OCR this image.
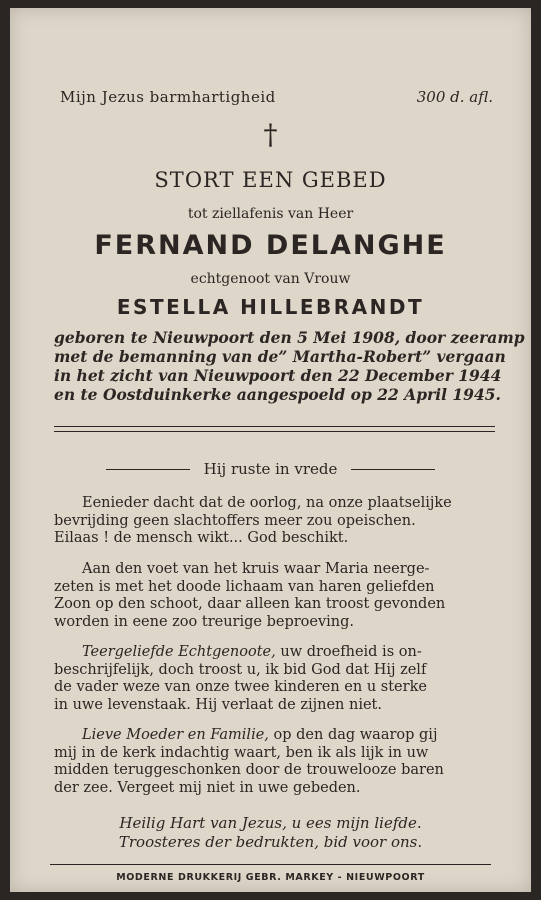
Mijn Jezus barmhartigheid	300 d. afl.
†
STORT EEN GEBED
tot ziellafenis van Heer
FERNAND DELANGHE
echtgenoot van Vrouw
ESTELLA HILLEBRANDT
geboren te Nieuwpoort den 5 Mei 1908, door zeeramp
met de bemanning van de” Martha-Robert” vergaan
in het zicht van Nieuwpoort den 22 December 1944
en te Oostduinkerke aangespoeld op 22 April 1945.
Hij ruste in vrede
Eenieder dacht dat de oorlog, na onze plaatselijke
bevrijding geen slachtoffers meer zou opeischen.
Eilaas ! de mensch wikt... God beschikt.
Aan den voet van het kruis waar Maria neerge-
zeten is met het doode lichaam van haren geliefden
Zoon op den schoot, daar alleen kan troost gevonden
worden in eene zoo treurige beproeving.
Teergeliefde Echtgenoote, uw droefheid is on-
beschrijfelijk, doch troost u, ik bid God dat Hij zelf
de vader weze van onze twee kinderen en u sterke
in uwe levenstaak. Hij verlaat de zijnen niet.
Lieve Moeder en Familie, op den dag waarop gij
mij in de kerk indachtig waart, ben ik als lijk in uw
midden teruggeschonken door de trouwelooze baren
der zee. Vergeet mij niet in uwe gebeden.
Heilig Hart van Jezus, u ees mijn liefde.
Troosteres der bedrukten, bid voor ons.
MODERNE DRUKKERIJ GEBR. MARKEY - NIEUWPOORT
